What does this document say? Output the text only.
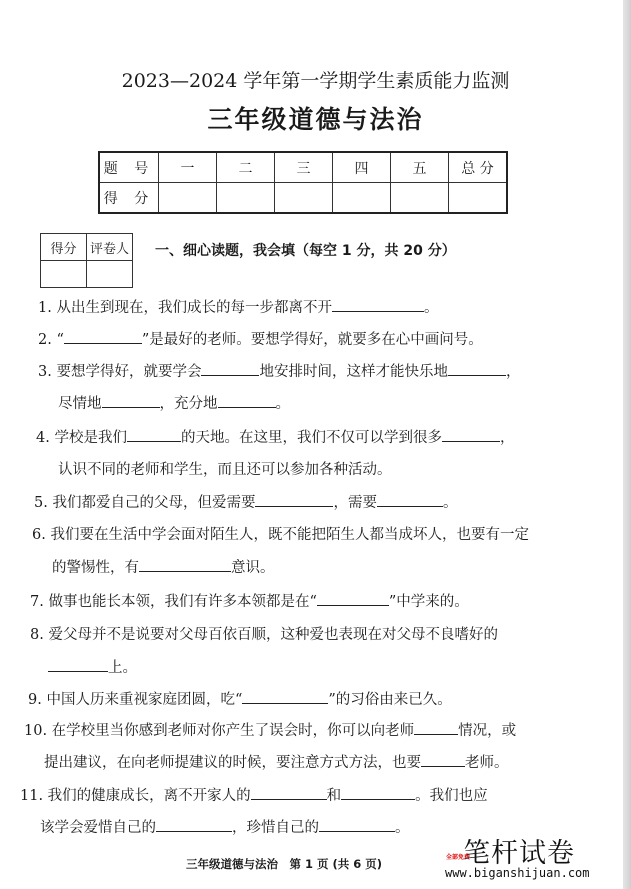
2023—2024 学年第一学期学生素质能力监测
三年级道德与法治
题 号	一	二	三	四	五	总 分
得 分						
得分	评卷人
	一、细心读题，我会填（每空 1 分，共 20 分）
1. 从出生到现在，我们成长的每一步都离不开	。
2. “	”是最好的老师。要想学得好，就要多在心中画问号。
3. 要想学得好，就要学会	地安排时间，这样才能快乐地	，
尽情地	，充分地	。
4. 学校是我们	的天地。在这里，我们不仅可以学到很多	，
认识不同的老师和学生，而且还可以参加各种活动。
5. 我们都爱自己的父母，但爱需要	，需要	。
6. 我们要在生活中学会面对陌生人，既不能把陌生人都当成坏人，也要有一定
的警惕性，有	意识。
7. 做事也能长本领，我们有许多本领都是在“	”中学来的。
8. 爱父母并不是说要对父母百依百顺，这种爱也表现在对父母不良嗜好的
上。
9. 中国人历来重视家庭团圆，吃“	”的习俗由来已久。
10. 在学校里当你感到老师对你产生了误会时，你可以向老师	情况，或
提出建议，在向老师提建议的时候，要注意方式方法，也要	老师。
11. 我们的健康成长，离不开家人的	和	。我们也应
该学会爱惜自己的	，珍惜自己的	。
三年级道德与法治　第 1 页 (共 6 页)	全部免费
笔杆试卷
www.biganshijuan.com
